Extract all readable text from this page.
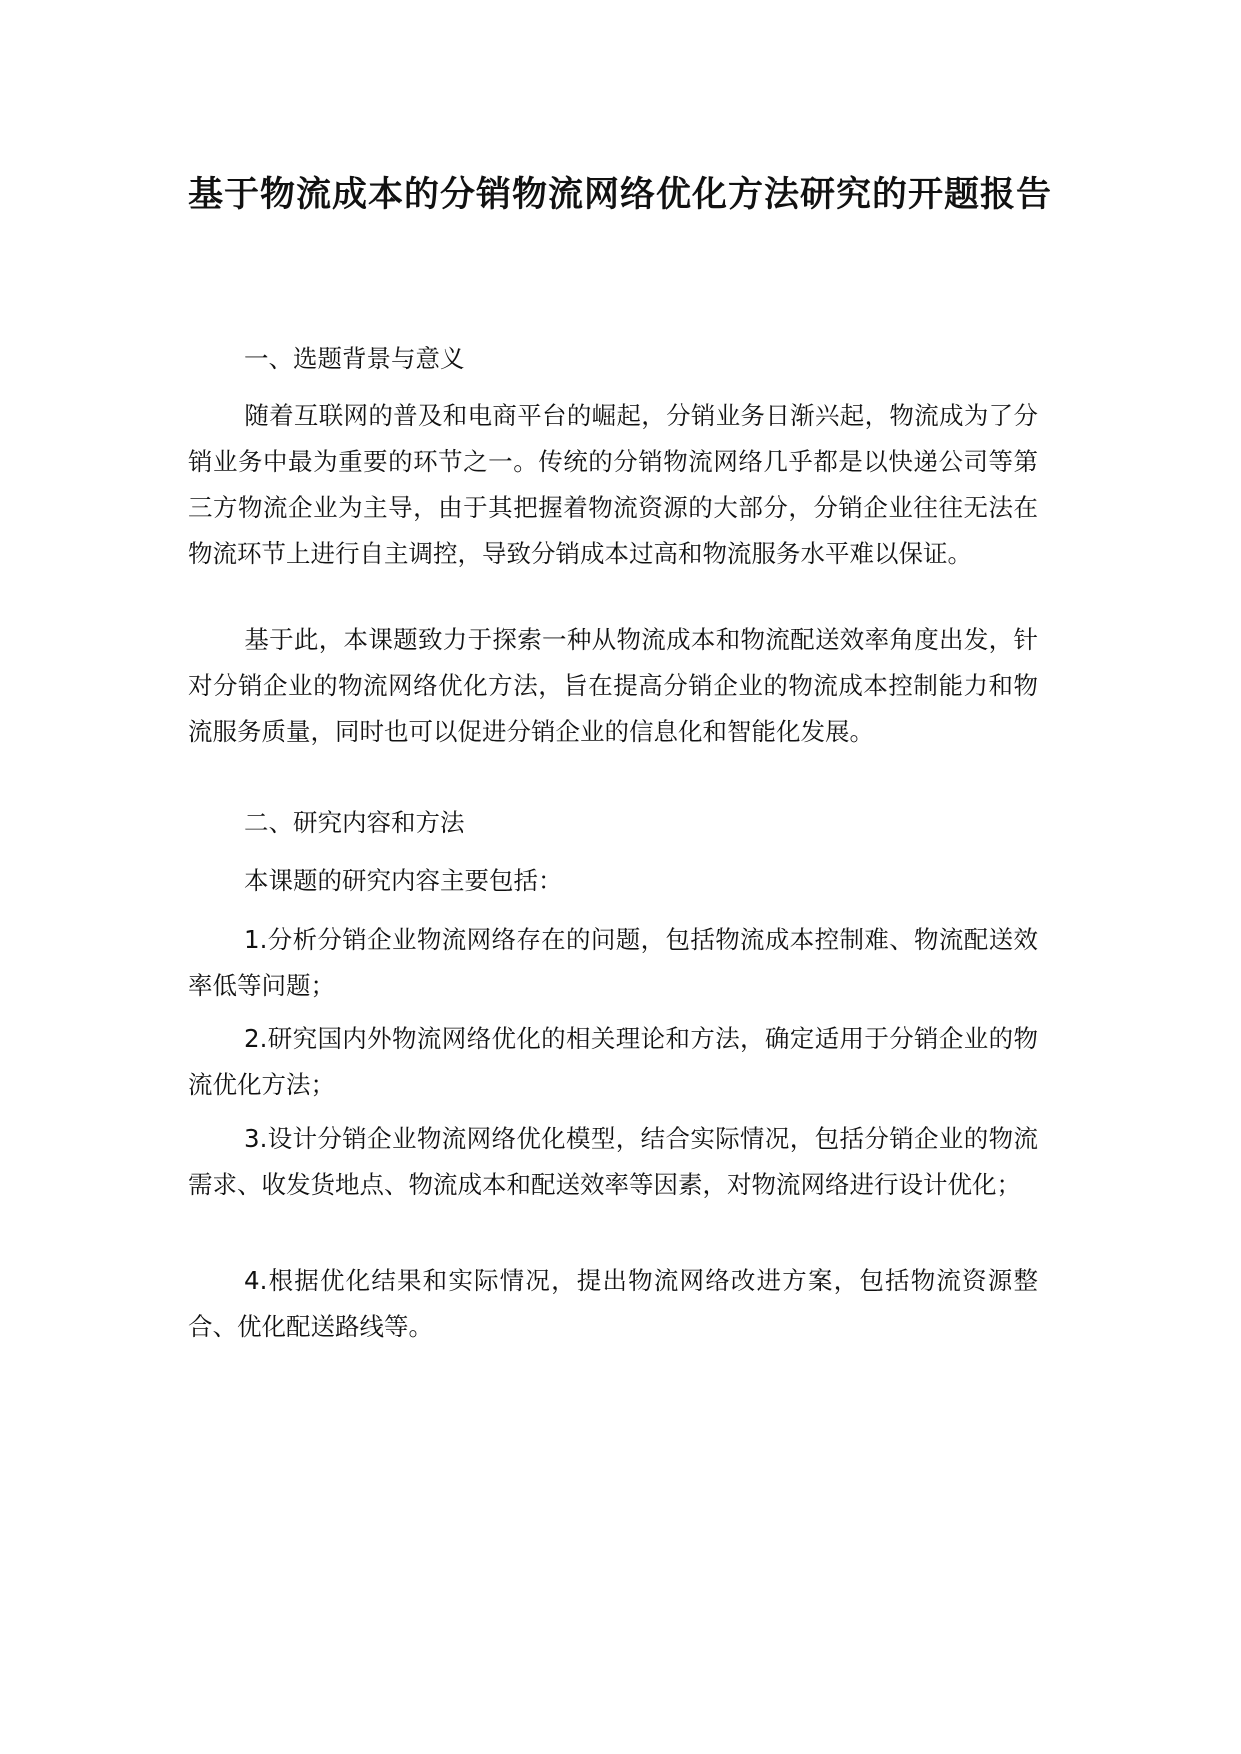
基于物流成本的分销物流网络优化方法研究的开题报告
一、选题背景与意义
随着互联网的普及和电商平台的崛起，分销业务日渐兴起，物流成为了分销业务中最为重要的环节之一。传统的分销物流网络几乎都是以快递公司等第三方物流企业为主导，由于其把握着物流资源的大部分，分销企业往往无法在物流环节上进行自主调控，导致分销成本过高和物流服务水平难以保证。
基于此，本课题致力于探索一种从物流成本和物流配送效率角度出发，针对分销企业的物流网络优化方法，旨在提高分销企业的物流成本控制能力和物流服务质量，同时也可以促进分销企业的信息化和智能化发展。
二、研究内容和方法
本课题的研究内容主要包括：
1.分析分销企业物流网络存在的问题，包括物流成本控制难、物流配送效率低等问题；
2.研究国内外物流网络优化的相关理论和方法，确定适用于分销企业的物流优化方法；
3.设计分销企业物流网络优化模型，结合实际情况，包括分销企业的物流需求、收发货地点、物流成本和配送效率等因素，对物流网络进行设计优化；
4.根据优化结果和实际情况，提出物流网络改进方案，包括物流资源整合、优化配送路线等。
